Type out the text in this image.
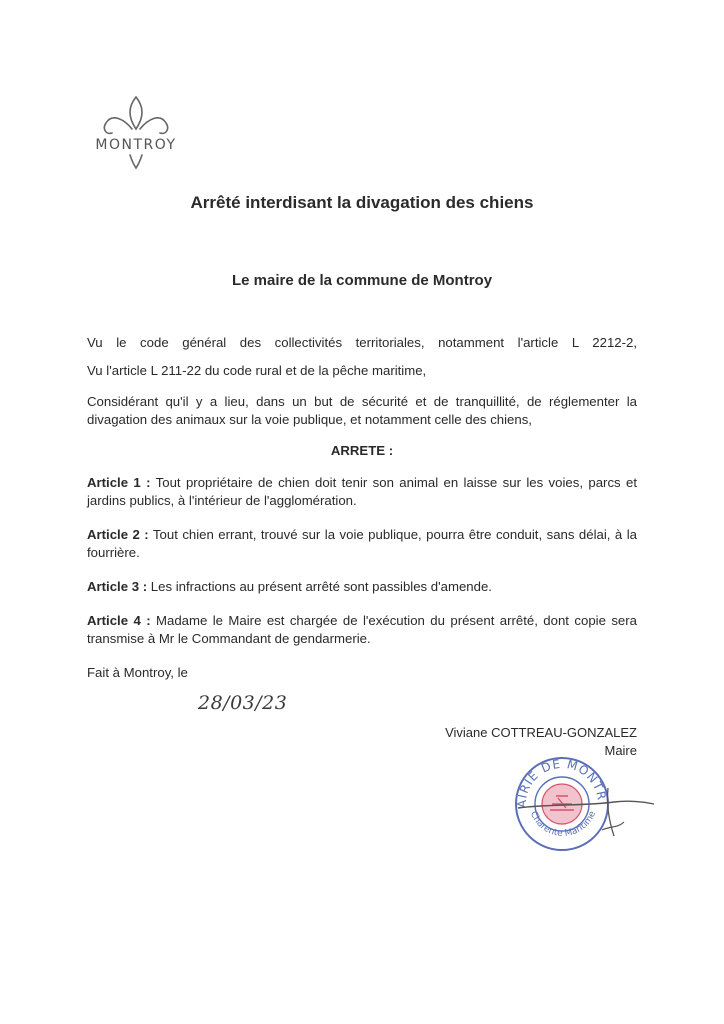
MONTROY
Arrêté interdisant la divagation des chiens
Le maire de la commune de Montroy

Vu le code général des collectivités territoriales, notamment l'article L 2212-2,

Vu l'article L 211-22 du code rural et de la pêche maritime,

Considérant qu'il y a lieu, dans un but de sécurité et de tranquillité, de réglementer la divagation des animaux sur la voie publique, et notamment celle des chiens,

ARRETE :

Article 1 : Tout propriétaire de chien doit tenir son animal en laisse sur les voies, parcs et jardins publics, à l'intérieur de l'agglomération.

Article 2 : Tout chien errant, trouvé sur la voie publique, pourra être conduit, sans délai, à la fourrière.

Article 3 : Les infractions au présent arrêté sont passibles d'amende.

Article 4 : Madame le Maire est chargée de l'exécution du présent arrêté, dont copie sera transmise à Mr le Commandant de gendarmerie.

Fait à Montroy, le

28/03/23
Viviane COTTREAU-GONZALEZ
Maire
AIRIE DE MONTR
Charente Maritime
